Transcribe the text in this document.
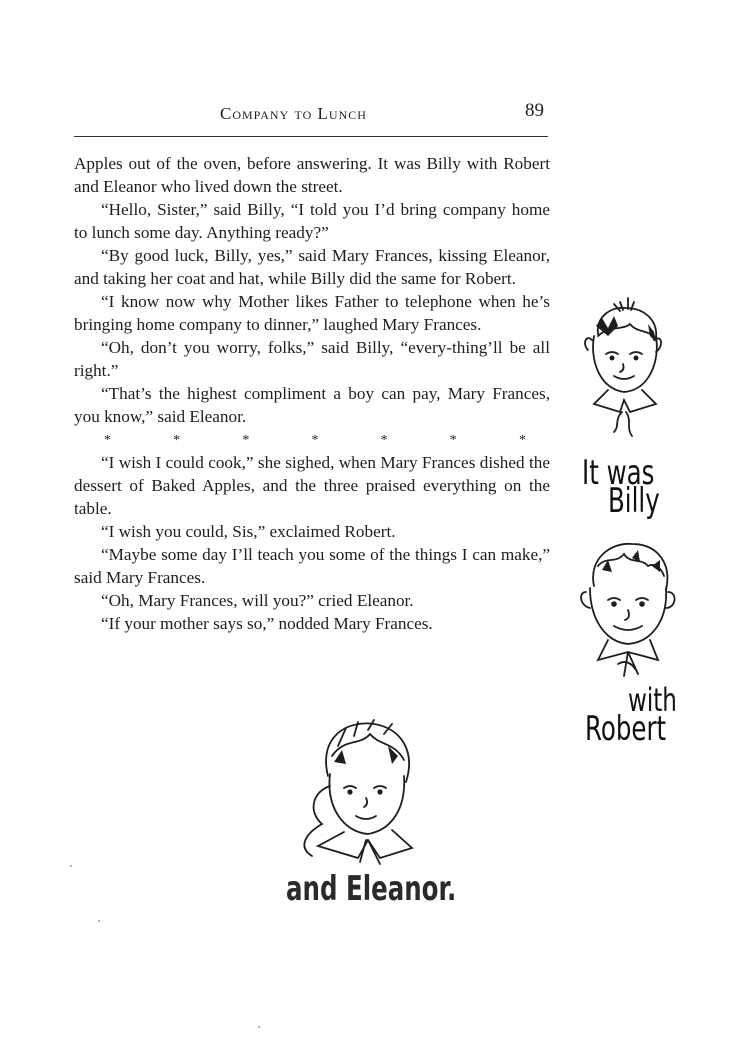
Company to Lunch	89

Apples out of the oven, before answering. It was Billy with Robert and Eleanor who lived down the street.

“Hello, Sister,” said Billy, “I told you I’d bring company home to lunch some day. Anything ready?”

“By good luck, Billy, yes,” said Mary Frances, kissing Eleanor, and taking her coat and hat, while Billy did the same for Robert.

“I know now why Mother likes Father to telephone when he’s bringing home company to dinner,” laughed Mary Frances.

“Oh, don’t you worry, folks,” said Billy, “every-thing’ll be all right.”

“That’s the highest compliment a boy can pay, Mary Frances, you know,” said Eleanor.

*	*	*	*	*	*	*

“I wish I could cook,” she sighed, when Mary Frances dished the dessert of Baked Apples, and the three praised everything on the table.

“I wish you could, Sis,” exclaimed Robert.

“Maybe some day I’ll teach you some of the things I can make,” said Mary Frances.

“Oh, Mary Frances, will you?” cried Eleanor.

“If your mother says so,” nodded Mary Frances.

It was
Billy
with
Robert
and Eleanor.
